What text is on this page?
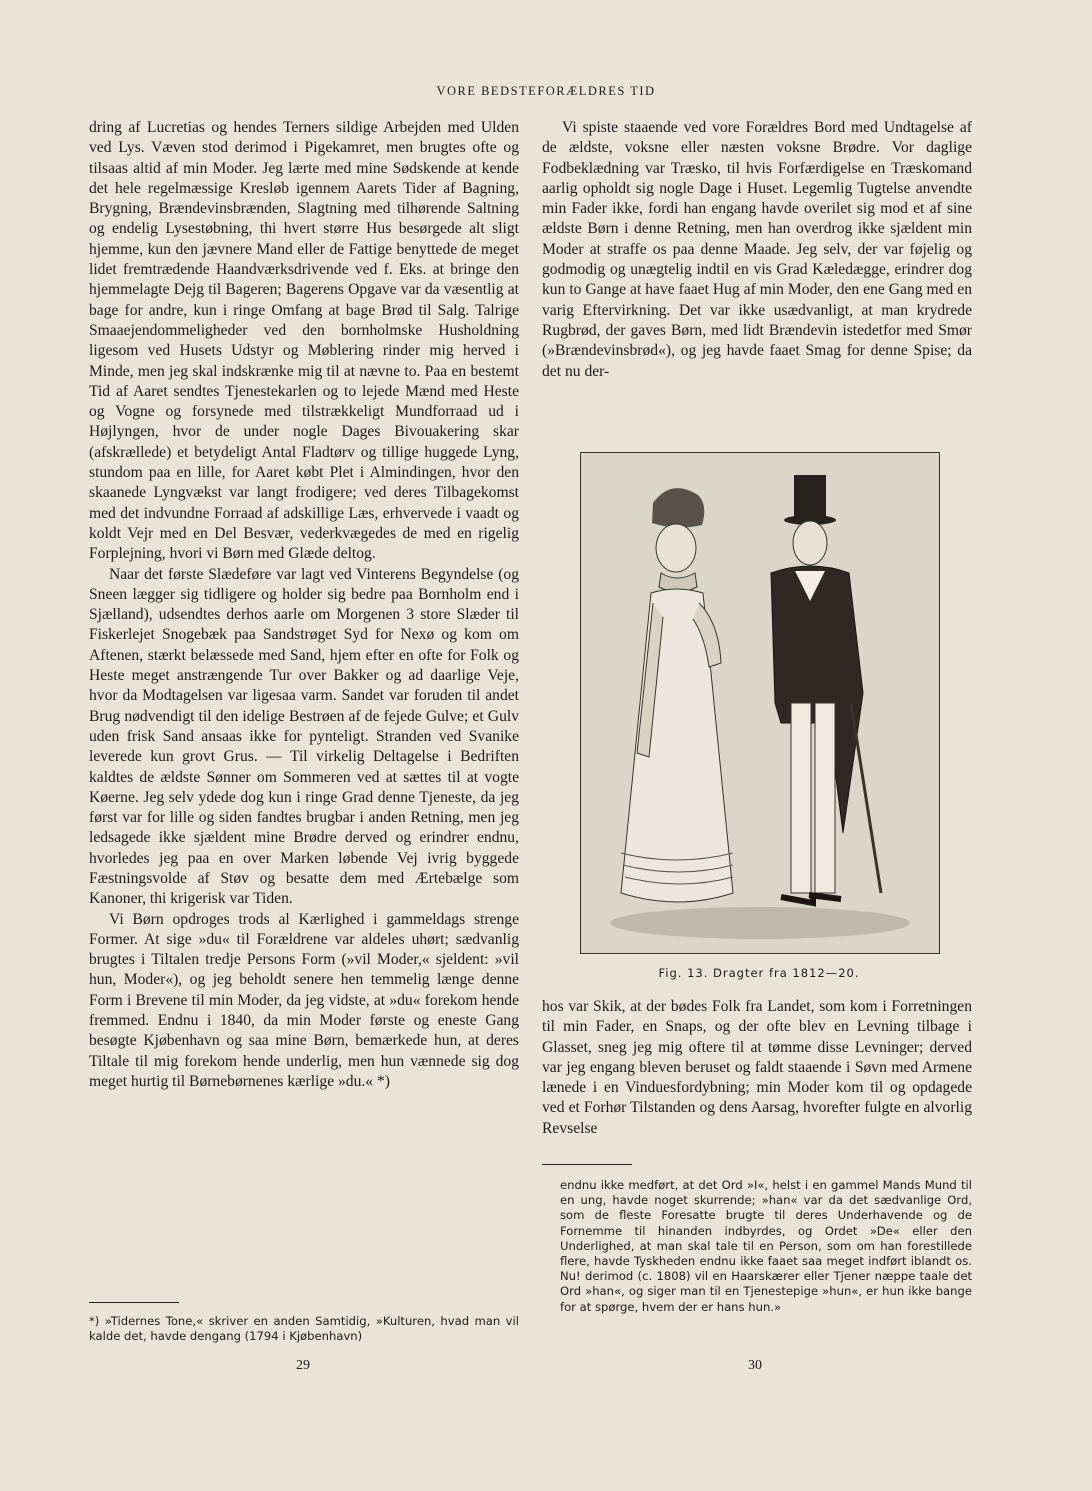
VORE BEDSTEFORÆLDRES TID

dring af Lucretias og hendes Terners sildige Arbejden med Ulden ved Lys. Væven stod derimod i Pigekamret, men brugtes ofte og tilsaas altid af min Moder. Jeg lærte med mine Sødskende at kende det hele regelmæssige Kresløb igennem Aarets Tider af Bagning, Brygning, Brændevinsbrænden, Slagtning med tilhørende Saltning og endelig Lysestøbning, thi hvert større Hus besørgede alt sligt hjemme, kun den jævnere Mand eller de Fattige benyttede de meget lidet fremtrædende Haandværksdrivende ved f. Eks. at bringe den hjemmelagte Dejg til Bageren; Bagerens Opgave var da væsentlig at bage for andre, kun i ringe Omfang at bage Brød til Salg. Talrige Smaaejendommeligheder ved den bornholmske Husholdning ligesom ved Husets Udstyr og Møblering rinder mig herved i Minde, men jeg skal indskrænke mig til at nævne to. Paa en bestemt Tid af Aaret sendtes Tjenestekarlen og to lejede Mænd med Heste og Vogne og forsynede med tilstrækkeligt Mundforraad ud i Højlyngen, hvor de under nogle Dages Bivouakering skar (afskrællede) et betydeligt Antal Fladtørv og tillige huggede Lyng, stundom paa en lille, for Aaret købt Plet i Almindingen, hvor den skaanede Lyngvækst var langt frodigere; ved deres Tilbagekomst med det indvundne Forraad af adskillige Læs, erhvervede i vaadt og koldt Vejr med en Del Besvær, vederkvægedes de med en rigelig Forplejning, hvori vi Børn med Glæde deltog.

Naar det første Slædeføre var lagt ved Vinterens Begyndelse (og Sneen lægger sig tidligere og holder sig bedre paa Bornholm end i Sjælland), udsendtes derhos aarle om Morgenen 3 store Slæder til Fiskerlejet Snogebæk paa Sandstrøget Syd for Nexø og kom om Aftenen, stærkt belæssede med Sand, hjem efter en ofte for Folk og Heste meget anstrængende Tur over Bakker og ad daarlige Veje, hvor da Modtagelsen var ligesaa varm. Sandet var foruden til andet Brug nødvendigt til den idelige Bestrøen af de fejede Gulve; et Gulv uden frisk Sand ansaas ikke for pynteligt. Stranden ved Svanike leverede kun grovt Grus. — Til virkelig Deltagelse i Bedriften kaldtes de ældste Sønner om Sommeren ved at sættes til at vogte Køerne. Jeg selv ydede dog kun i ringe Grad denne Tjeneste, da jeg først var for lille og siden fandtes brugbar i anden Retning, men jeg ledsagede ikke sjældent mine Brødre derved og erindrer endnu, hvorledes jeg paa en over Marken løbende Vej ivrig byggede Fæstningsvolde af Støv og besatte dem med Ærtebælge som Kanoner, thi krigerisk var Tiden.

Vi Børn opdroges trods al Kærlighed i gammeldags strenge Former. At sige »du« til Forældrene var aldeles uhørt; sædvanlig brugtes i Tiltalen tredje Persons Form (»vil Moder,« sjeldent: »vil hun, Moder«), og jeg beholdt senere hen temmelig længe denne Form i Brevene til min Moder, da jeg vidste, at »du« forekom hende fremmed. Endnu i 1840, da min Moder første og eneste Gang besøgte Kjøbenhavn og saa mine Børn, bemærkede hun, at deres Tiltale til mig forekom hende underlig, men hun vænnede sig dog meget hurtig til Børnebørnenes kærlige »du.« *)

*) »Tidernes Tone,« skriver en anden Samtidig, »Kulturen, hvad man vil kalde det, havde dengang (1794 i Kjøbenhavn)

29

Vi spiste staaende ved vore Forældres Bord med Undtagelse af de ældste, voksne eller næsten voksne Brødre. Vor daglige Fodbeklædning var Træsko, til hvis Forfærdigelse en Træskomand aarlig opholdt sig nogle Dage i Huset. Legemlig Tugtelse anvendte min Fader ikke, fordi han engang havde overilet sig mod et af sine ældste Børn i denne Retning, men han overdrog ikke sjældent min Moder at straffe os paa denne Maade. Jeg selv, der var føjelig og godmodig og unægtelig indtil en vis Grad Kæledægge, erindrer dog kun to Gange at have faaet Hug af min Moder, den ene Gang med en varig Eftervirkning. Det var ikke usædvanligt, at man krydrede Rugbrød, der gaves Børn, med lidt Brændevin istedetfor med Smør (»Brændevinsbrød«), og jeg havde faaet Smag for denne Spise; da det nu der-

Fig. 13. Dragter fra 1812—20.

hos var Skik, at der bødes Folk fra Landet, som kom i Forretningen til min Fader, en Snaps, og der ofte blev en Levning tilbage i Glasset, sneg jeg mig oftere til at tømme disse Levninger; derved var jeg engang bleven beruset og faldt staaende i Søvn med Armene lænede i en Vinduesfordybning; min Moder kom til og opdagede ved et Forhør Tilstanden og dens Aarsag, hvorefter fulgte en alvorlig Revselse

endnu ikke medført, at det Ord »I«, helst i en gammel Mands Mund til en ung, havde noget skurrende; »han« var da det sædvanlige Ord, som de fleste Foresatte brugte til deres Underhavende og de Fornemme til hinanden indbyrdes, og Ordet »De« eller den Underlighed, at man skal tale til en Person, som om han forestillede flere, havde Tyskheden endnu ikke faaet saa meget indført iblandt os. Nu! derimod (c. 1808) vil en Haarskærer eller Tjener næppe taale det Ord »han«, og siger man til en Tjenestepige »hun«, er hun ikke bange for at spørge, hvem der er hans hun.»

30
